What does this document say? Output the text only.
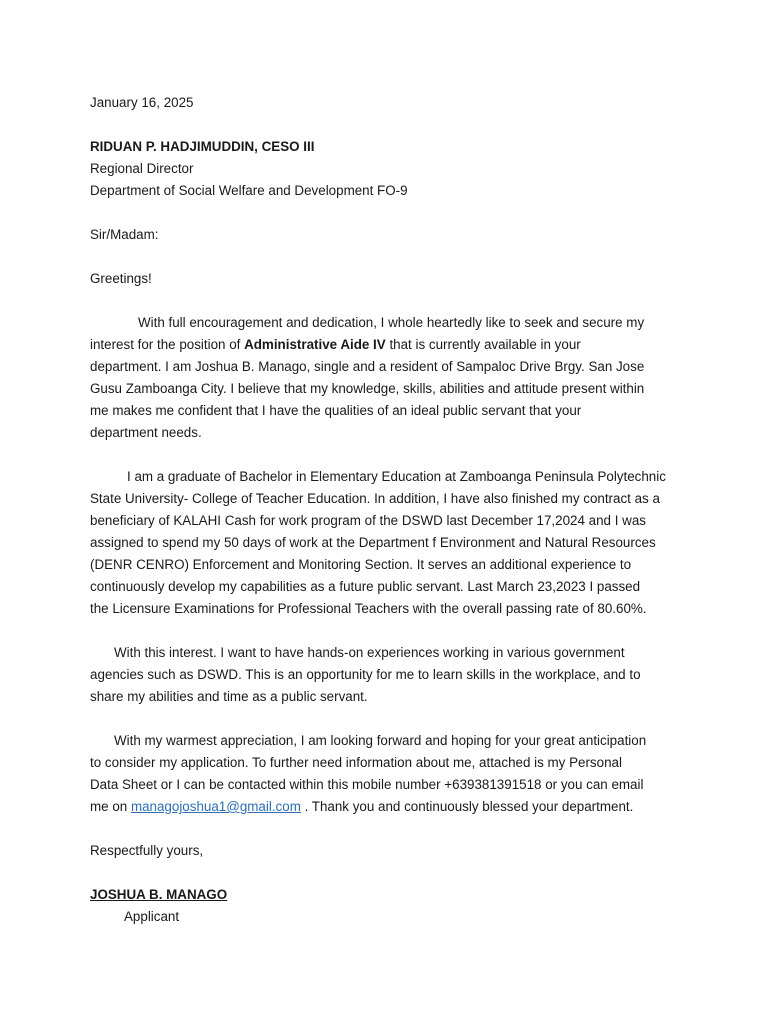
January 16, 2025
RIDUAN P. HADJIMUDDIN, CESO III
Regional Director
Department of Social Welfare and Development FO-9
Sir/Madam:
Greetings!
With full encouragement and dedication, I whole heartedly like to seek and secure my
interest for the position of Administrative Aide IV that is currently available in your
department. I am Joshua B. Manago, single and a resident of Sampaloc Drive Brgy. San Jose
Gusu Zamboanga City. I believe that my knowledge, skills, abilities and attitude present within
me makes me confident that I have the qualities of an ideal public servant that your
department needs.
I am a graduate of Bachelor in Elementary Education at Zamboanga Peninsula Polytechnic
State University- College of Teacher Education. In addition, I have also finished my contract as a
beneficiary of KALAHI Cash for work program of the DSWD last December 17,2024 and I was
assigned to spend my 50 days of work at the Department f Environment and Natural Resources
(DENR CENRO) Enforcement and Monitoring Section. It serves an additional experience to
continuously develop my capabilities as a future public servant. Last March 23,2023 I passed
the Licensure Examinations for Professional Teachers with the overall passing rate of 80.60%.
With this interest. I want to have hands-on experiences working in various government
agencies such as DSWD. This is an opportunity for me to learn skills in the workplace, and to
share my abilities and time as a public servant.
With my warmest appreciation, I am looking forward and hoping for your great anticipation
to consider my application. To further need information about me, attached is my Personal
Data Sheet or I can be contacted within this mobile number +639381391518 or you can email
me on managojoshua1@gmail.com . Thank you and continuously blessed your department.
Respectfully yours,
JOSHUA B. MANAGO
Applicant
